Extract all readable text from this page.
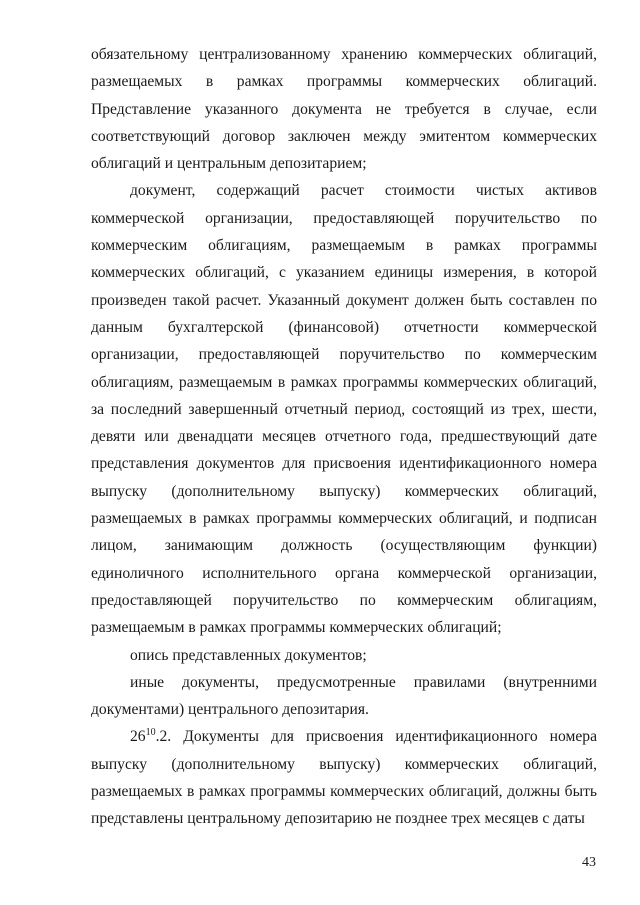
обязательному централизованному хранению коммерческих облигаций, размещаемых в рамках программы коммерческих облигаций. Представление указанного документа не требуется в случае, если соответствующий договор заключен между эмитентом коммерческих облигаций и центральным депозитарием;

документ, содержащий расчет стоимости чистых активов коммерческой организации, предоставляющей поручительство по коммерческим облигациям, размещаемым в рамках программы коммерческих облигаций, с указанием единицы измерения, в которой произведен такой расчет. Указанный документ должен быть составлен по данным бухгалтерской (финансовой) отчетности коммерческой организации, предоставляющей поручительство по коммерческим облигациям, размещаемым в рамках программы коммерческих облигаций, за последний завершенный отчетный период, состоящий из трех, шести, девяти или двенадцати месяцев отчетного года, предшествующий дате представления документов для присвоения идентификационного номера выпуску (дополнительному выпуску) коммерческих облигаций, размещаемых в рамках программы коммерческих облигаций, и подписан лицом, занимающим должность (осуществляющим функции) единоличного исполнительного органа коммерческой организации, предоставляющей поручительство по коммерческим облигациям, размещаемым в рамках программы коммерческих облигаций;

опись представленных документов;

иные документы, предусмотренные правилами (внутренними документами) центрального депозитария.

$26^{10}.2$. Документы для присвоения идентификационного номера выпуску (дополнительному выпуску) коммерческих облигаций, размещаемых в рамках программы коммерческих облигаций, должны быть представлены центральному депозитарию не позднее трех месяцев с даты

43
